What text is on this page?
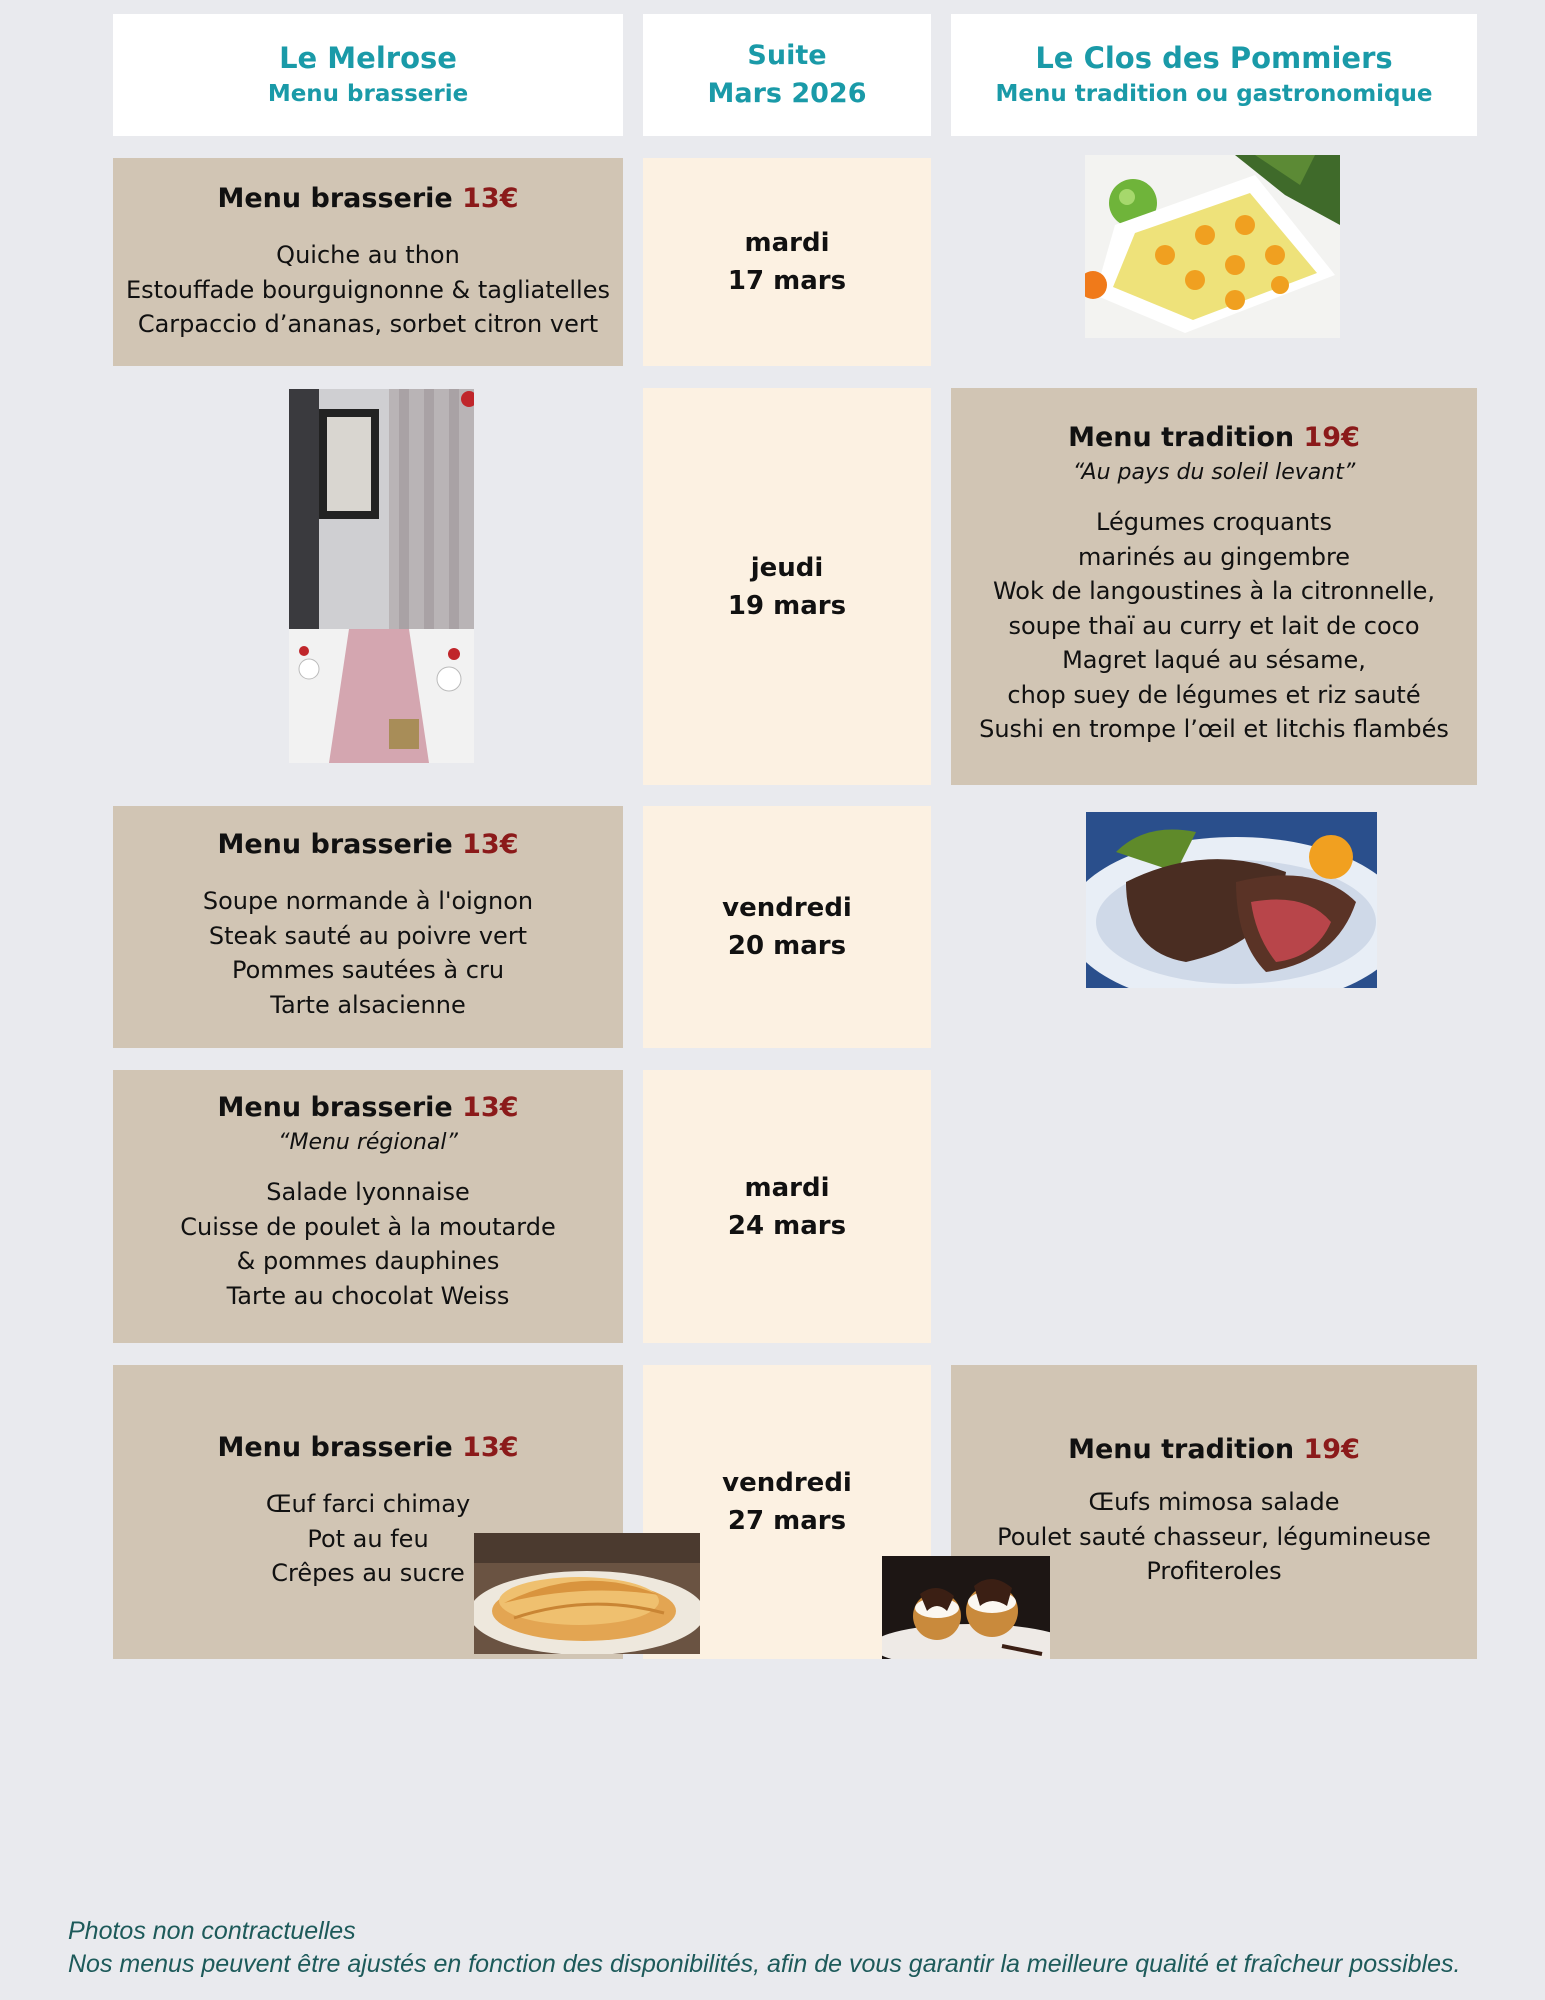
Le Melrose
Menu brasserie
Suite
Mars 2026
Le Clos des Pommiers
Menu tradition ou gastronomique
Menu brasserie 13€
Quiche au thon
Estouffade bourguignonne & tagliatelles
Carpaccio d’ananas, sorbet citron vert
mardi
17 mars
jeudi
19 mars
Menu tradition 19€
“Au pays du soleil levant”
Légumes croquants
marinés au gingembre
Wok de langoustines à la citronnelle,
soupe thaï au curry et lait de coco
Magret laqué au sésame,
chop suey de légumes et riz sauté
Sushi en trompe l’œil et litchis flambés
Menu brasserie 13€
Soupe normande à l'oignon
Steak sauté au poivre vert
Pommes sautées à cru
Tarte alsacienne
vendredi
20 mars
Menu brasserie 13€
“Menu régional”
Salade lyonnaise
Cuisse de poulet à la moutarde
& pommes dauphines
Tarte au chocolat Weiss
mardi
24 mars
Menu brasserie 13€
Œuf farci chimay
Pot au feu
Crêpes au sucre
vendredi
27 mars
Menu tradition 19€
Œufs mimosa salade
Poulet sauté chasseur, légumineuse
Profiteroles
Photos non contractuelles
Nos menus peuvent être ajustés en fonction des disponibilités, afin de vous garantir la meilleure qualité et fraîcheur possibles.
